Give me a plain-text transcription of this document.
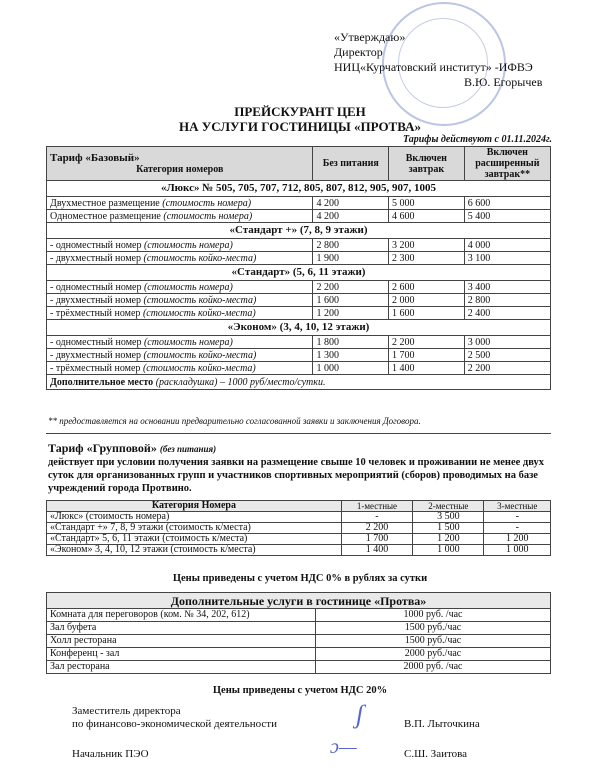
«Утверждаю»
Директор
НИЦ«Курчатовский институт» -ИФВЭ
В.Ю. Егорычев
ПРЕЙСКУРАНТ ЦЕН
НА УСЛУГИ ГОСТИНИЦЫ «ПРОТВА»
Тарифы действуют с 01.11.2024г.
Тариф «Базовый»
Категория номеров	Без питания	Включен завтрак	Включен расширенный завтрак**
«Люкс» № 505, 705, 707, 712, 805, 807, 812, 905, 907, 1005			
Двухместное размещение (стоимость номера)	4 200	5 000	6 600
Одноместное размещение (стоимость номера)	4 200	4 600	5 400
«Стандарт +» (7, 8, 9 этажи)			
- одноместный номер (стоимость номера)	2 800	3 200	4 000
- двухместный номер (стоимость койко-места)	1 900	2 300	3 100
«Стандарт» (5, 6, 11 этажи)			
- одноместный номер (стоимость номера)	2 200	2 600	3 400
- двухместный номер (стоимость койко-места)	1 600	2 000	2 800
- трёхместный номер (стоимость койко-места)	1 200	1 600	2 400
«Эконом» (3, 4, 10, 12 этажи)			
- одноместный номер (стоимость номера)	1 800	2 200	3 000
- двухместный номер (стоимость койко-места)	1 300	1 700	2 500
- трёхместный номер (стоимость койко-места)	1 000	1 400	2 200
Дополнительное место (раскладушка) – 1000 руб/место/сутки.			
** предоставляется на основании предварительно согласованной заявки и заключения Договора.
Тариф «Групповой» (без питания)
действует при условии получения заявки на размещение свыше 10 человек и проживании не менее двух суток для организованных групп и участников спортивных мероприятий (сборов) проводимых на базе учреждений города Протвино.
Категория Номера	1-местные	2-местные	3-местные
«Люкс» (стоимость номера)	-	3 500	-
«Стандарт +» 7, 8, 9 этажи (стоимость к/места)	2 200	1 500	-
«Стандарт» 5, 6, 11 этажи (стоимость к/места)	1 700	1 200	1 200
«Эконом» 3, 4, 10, 12 этажи (стоимость к/места)	1 400	1 000	1 000
Цены приведены с учетом НДС 0% в рублях за сутки
Дополнительные услуги в гостинице «Протва»	
Комната для переговоров (ком. № 34, 202, 612)	1000 руб. /час
Зал буфета	1500 руб./час
Холл ресторана	1500 руб./час
Конференц - зал	2000 руб./час
Зал ресторана	2000 руб. /час
Цены приведены с учетом НДС 20%
Заместитель директора
по финансово-экономической деятельности	ʃ	В.П. Лыточкина
Начальник ПЭО	ɔ—	С.Ш. Заитова
